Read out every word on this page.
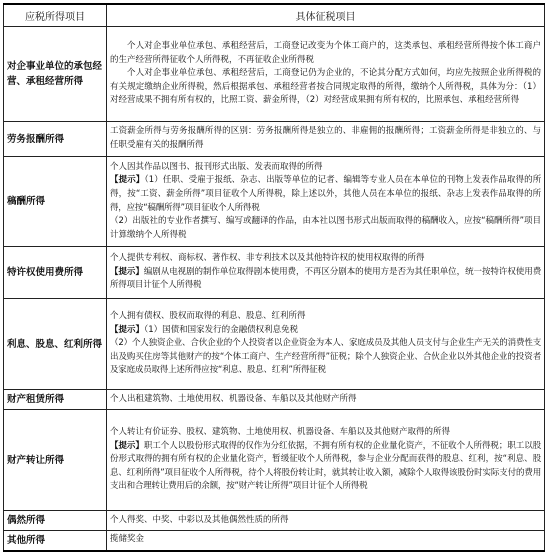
应税所得项目	具体征税项目
对企事业单位的承包经营、承租经营所得	个人对企事业单位承包、承租经营后，工商登记改变为个体工商户的，这类承包、承租经营所得按个体工商户的生产经营所得征收个人所得税，不再征收企业所得税

个人对企事业单位承包、承租经营后，工商登记仍为企业的，不论其分配方式如何，均应先按照企业所得税的有关规定缴纳企业所得税，然后根据承包、承租经营者按合同规定取得的所得，缴纳个人所得税，具体为分：（1）对经营成果不拥有所有权的，比照工资、薪金所得，（2）对经营成果拥有所有权的，比照承包、承租经营所得

劳务报酬所得	工资薪金所得与劳务报酬所得的区别：劳务报酬所得是独立的、非雇佣的报酬所得；工资薪金所得是非独立的、与任职受雇有关的报酬所得

稿酬所得	个人因其作品以图书、报刊形式出版、发表而取得的所得

【提示】（1）任职、受雇于报纸、杂志、出版等单位的记者、编辑等专业人员在本单位的刊物上发表作品取得的所得，按“工资、薪金所得”项目征收个人所得税，除上述以外，其他人员在本单位的报纸、杂志上发表作品取得的所得，应按“稿酬所得”项目征收个人所得税

（2）出版社的专业作者撰写、编写或翻译的作品，由本社以图书形式出版而取得的稿酬收入，应按“稿酬所得”项目计算缴纳个人所得税

特许权使用费所得	个人提供专利权、商标权、著作权、非专利技术以及其他特许权的使用权取得的所得

【提示】编剧从电视剧的制作单位取得剧本使用费，不再区分剧本的使用方是否为其任职单位，统一按特许权使用费所得项目计征个人所得税

利息、股息、红利所得	个人拥有债权、股权而取得的利息、股息、红利所得

【提示】（1）国债和国家发行的金融债权利息免税

（2）个人独资企业、合伙企业的个人投资者以企业资金为本人、家庭成员及其他人员支付与企业生产无关的消费性支出及购买住房等其他财产的按“个体工商户、生产经营所得”征税；除个人独资企业、合伙企业以外其他企业的投资者及家庭成员取得上述所得应按“利息、股息、红利”所得征税

财产租赁所得	个人出租建筑物、土地使用权、机器设备、车船以及其他财产所得

财产转让所得	个人转让有价证券、股权、建筑物、土地使用权、机器设备、车船以及其他财产取得的所得

【提示】职工个人以股份形式取得的仅作为分红依据，不拥有所有权的企业量化资产，不征收个人所得税；职工以股份形式取得的拥有所有权的企业量化资产，暂缓征收个人所得税，参与企业分配而获得的股息、红利，按“利息、股息、红利所得”项目征收个人所得税，待个人将股份转让时，就其转让收入额，减除个人取得该股份时实际支付的费用支出和合理转让费用后的余额，按“财产转让所得”项目计征个人所得税

偶然所得	个人得奖、中奖、中彩以及其他偶然性质的所得

其他所得	揽储奖金
